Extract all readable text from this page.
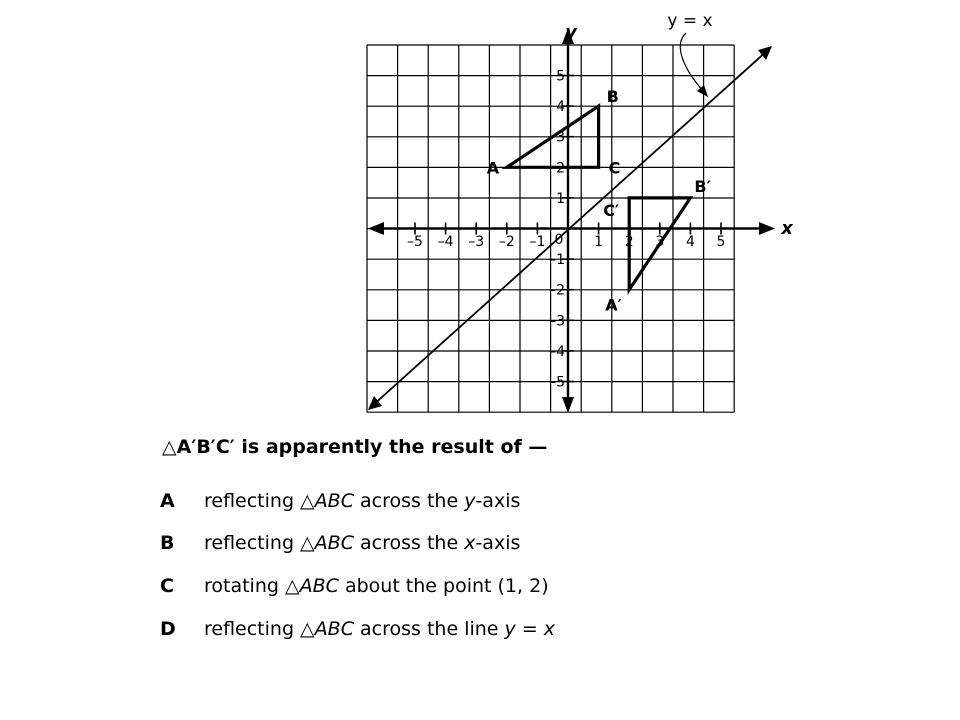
–5 –4 –3 –2 –1	2 3 4 5
1
5
4
3
2
1
–1
–2
–3
–4
–5
0
x
y
y = x
A
B
C
A′
B′
C′
△A′B′C′ is apparently the result of —
A reflecting △ABC across the y-axis
B reflecting △ABC across the x-axis
C rotating △ABC about the point (1, 2)
D reflecting △ABC across the line y = x
